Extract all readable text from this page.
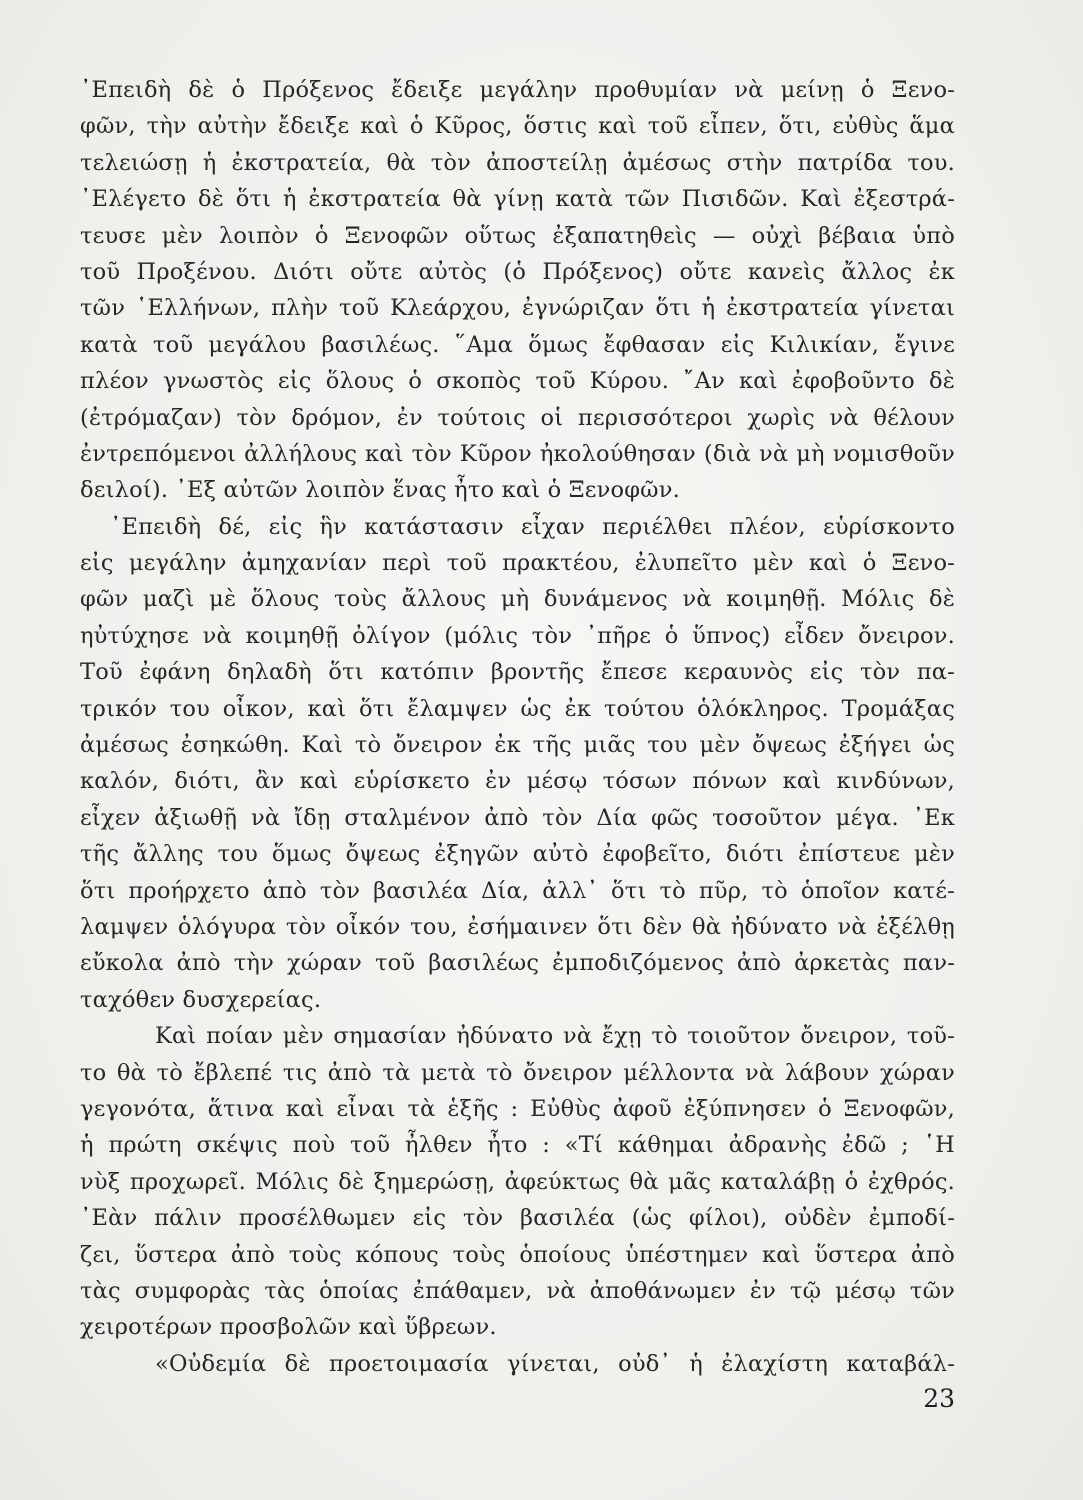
᾿Επειδὴ δὲ ὁ Πρόξενος ἔδειξε μεγάλην προθυμίαν νὰ μείνῃ ὁ Ξενο-
φῶν, τὴν αὐτὴν ἔδειξε καὶ ὁ Κῦρος, ὅστις καὶ τοῦ εἶπεν, ὅτι, εὐθὺς ἅμα
τελειώσῃ ἡ ἐκστρατεία, θὰ τὸν ἀποστείλῃ ἀμέσως στὴν πατρίδα του.
᾿Ελέγετο δὲ ὅτι ἡ ἐκστρατεία θὰ γίνῃ κατὰ τῶν Πισιδῶν. Καὶ ἐξεστρά-
τευσε μὲν λοιπὸν ὁ Ξενοφῶν οὕτως ἐξαπατηθεὶς — οὐχὶ βέβαια ὑπὸ
τοῦ Προξένου. Διότι οὔτε αὐτὸς (ὁ Πρόξενος) οὔτε κανεὶς ἄλλος ἐκ
τῶν ῾Ελλήνων, πλὴν τοῦ Κλεάρχου, ἐγνώριζαν ὅτι ἡ ἐκστρατεία γίνεται
κατὰ τοῦ μεγάλου βασιλέως. ῞Αμα ὅμως ἔφθασαν εἰς Κιλικίαν, ἔγινε
πλέον γνωστὸς εἰς ὅλους ὁ σκοπὸς τοῦ Κύρου. ῎Αν καὶ ἐφοβοῦντο δὲ
(ἐτρόμαζαν) τὸν δρόμον, ἐν τούτοις οἱ περισσότεροι χωρὶς νὰ θέλουν
ἐντρεπόμενοι ἀλλήλους καὶ τὸν Κῦρον ἠκολούθησαν (διὰ νὰ μὴ νομισθοῦν
δειλοί). ᾿Εξ αὐτῶν λοιπὸν ἕνας ἦτο καὶ ὁ Ξενοφῶν.
᾿Επειδὴ δέ, εἰς ἣν κατάστασιν εἶχαν περιέλθει πλέον, εὑρίσκοντο
εἰς μεγάλην ἀμηχανίαν περὶ τοῦ πρακτέου, ἐλυπεῖτο μὲν καὶ ὁ Ξενο-
φῶν μαζὶ μὲ ὅλους τοὺς ἄλλους μὴ δυνάμενος νὰ κοιμηθῇ. Μόλις δὲ
ηὐτύχησε νὰ κοιμηθῇ ὀλίγον (μόλις τὸν ᾿πῆρε ὁ ὕπνος) εἶδεν ὄνειρον.
Τοῦ ἐφάνη δηλαδὴ ὅτι κατόπιν βροντῆς ἔπεσε κεραυνὸς εἰς τὸν πα-
τρικόν του οἶκον, καὶ ὅτι ἔλαμψεν ὡς ἐκ τούτου ὁλόκληρος. Τρομάξας
ἀμέσως ἐσηκώθη. Καὶ τὸ ὄνειρον ἐκ τῆς μιᾶς του μὲν ὄψεως ἐξήγει ὡς
καλόν, διότι, ἂν καὶ εὑρίσκετο ἐν μέσῳ τόσων πόνων καὶ κινδύνων,
εἶχεν ἀξιωθῇ νὰ ἴδῃ σταλμένον ἀπὸ τὸν Δία φῶς τοσοῦτον μέγα. ᾿Εκ
τῆς ἄλλης του ὅμως ὄψεως ἐξηγῶν αὐτὸ ἐφοβεῖτο, διότι ἐπίστευε μὲν
ὅτι προήρχετο ἀπὸ τὸν βασιλέα Δία, ἀλλ᾿ ὅτι τὸ πῦρ, τὸ ὁποῖον κατέ-
λαμψεν ὁλόγυρα τὸν οἶκόν του, ἐσήμαινεν ὅτι δὲν θὰ ἠδύνατο νὰ ἐξέλθῃ
εὔκολα ἀπὸ τὴν χώραν τοῦ βασιλέως ἐμποδιζόμενος ἀπὸ ἀρκετὰς παν-
ταχόθεν δυσχερείας.
Καὶ ποίαν μὲν σημασίαν ἠδύνατο νὰ ἔχῃ τὸ τοιοῦτον ὄνειρον, τοῦ-
το θὰ τὸ ἔβλεπέ τις ἀπὸ τὰ μετὰ τὸ ὄνειρον μέλλοντα νὰ λάβουν χώραν
γεγονότα, ἅτινα καὶ εἶναι τὰ ἑξῆς : Εὐθὺς ἀφοῦ ἐξύπνησεν ὁ Ξενοφῶν,
ἡ πρώτη σκέψις ποὺ τοῦ ἦλθεν ἦτο : «Τί κάθημαι ἀδρανὴς ἐδῶ ; ῾Η
νὺξ προχωρεῖ. Μόλις δὲ ξημερώσῃ, ἀφεύκτως θὰ μᾶς καταλάβῃ ὁ ἐχθρός.
᾿Εὰν πάλιν προσέλθωμεν εἰς τὸν βασιλέα (ὡς φίλοι), οὐδὲν ἐμποδί-
ζει, ὕστερα ἀπὸ τοὺς κόπους τοὺς ὁποίους ὑπέστημεν καὶ ὕστερα ἀπὸ
τὰς συμφορὰς τὰς ὁποίας ἐπάθαμεν, νὰ ἀποθάνωμεν ἐν τῷ μέσῳ τῶν
χειροτέρων προσβολῶν καὶ ὕβρεων.
«Οὐδεμία δὲ προετοιμασία γίνεται, οὐδ᾿ ἡ ἐλαχίστη καταβάλ-
23
